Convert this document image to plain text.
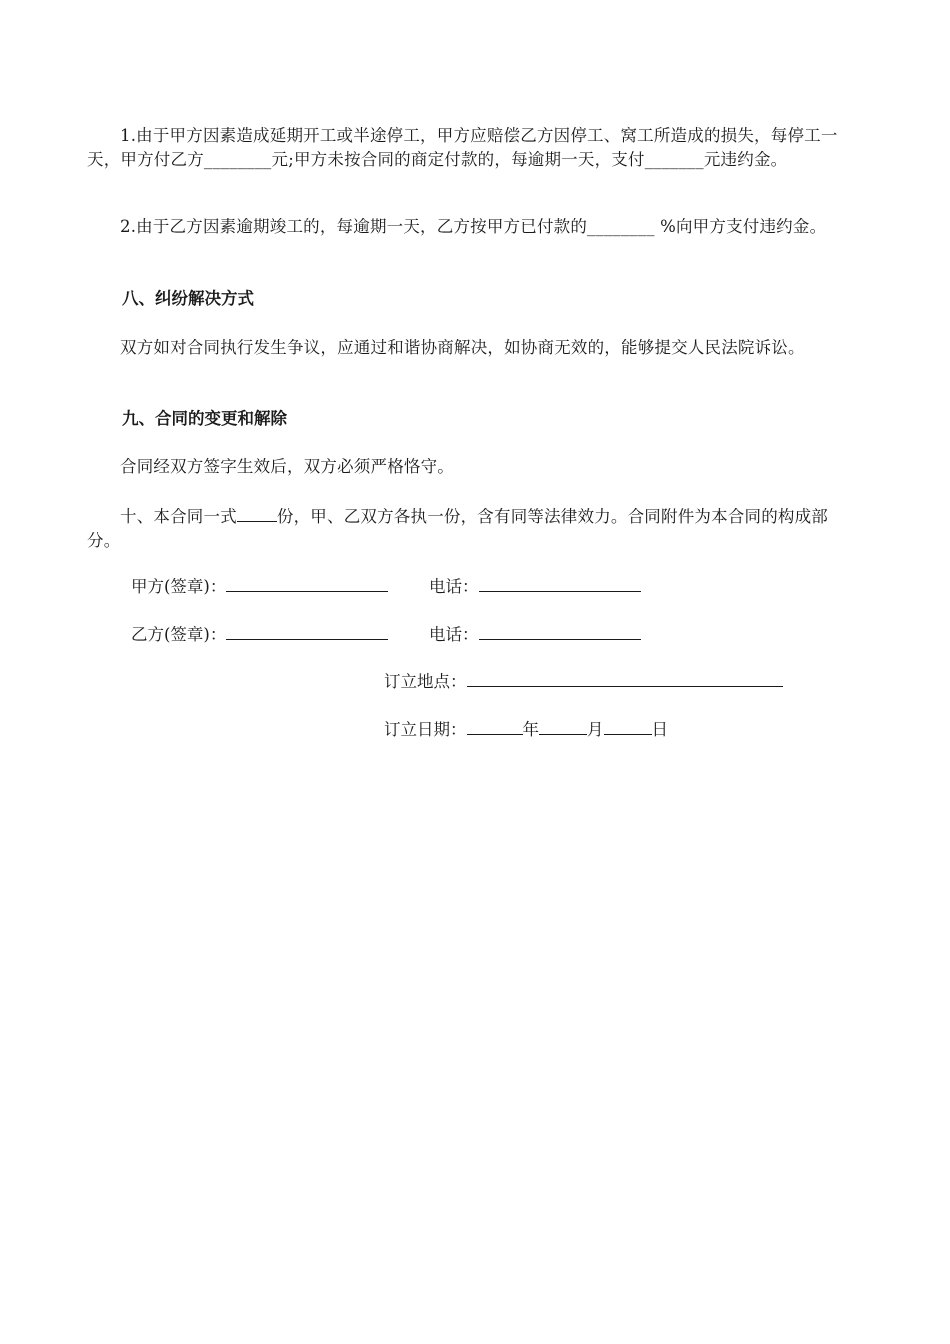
1.由于甲方因素造成延期开工或半途停工，甲方应赔偿乙方因停工、窝工所造成的损失，每停工一天，甲方付乙方________元;甲方未按合同的商定付款的，每逾期一天，支付_______元违约金。

2.由于乙方因素逾期竣工的，每逾期一天，乙方按甲方已付款的________ %向甲方支付违约金。

八、纠纷解决方式

双方如对合同执行发生争议，应通过和谐协商解决，如协商无效的，能够提交人民法院诉讼。

九、合同的变更和解除

合同经双方签字生效后，双方必须严格恪守。

十、本合同一式 份，甲、乙双方各执一份，含有同等法律效力。合同附件为本合同的构成部分。

甲方(签章)：	电话：
乙方(签章)：	电话：
订立地点：
订立日期：	年	月	日
